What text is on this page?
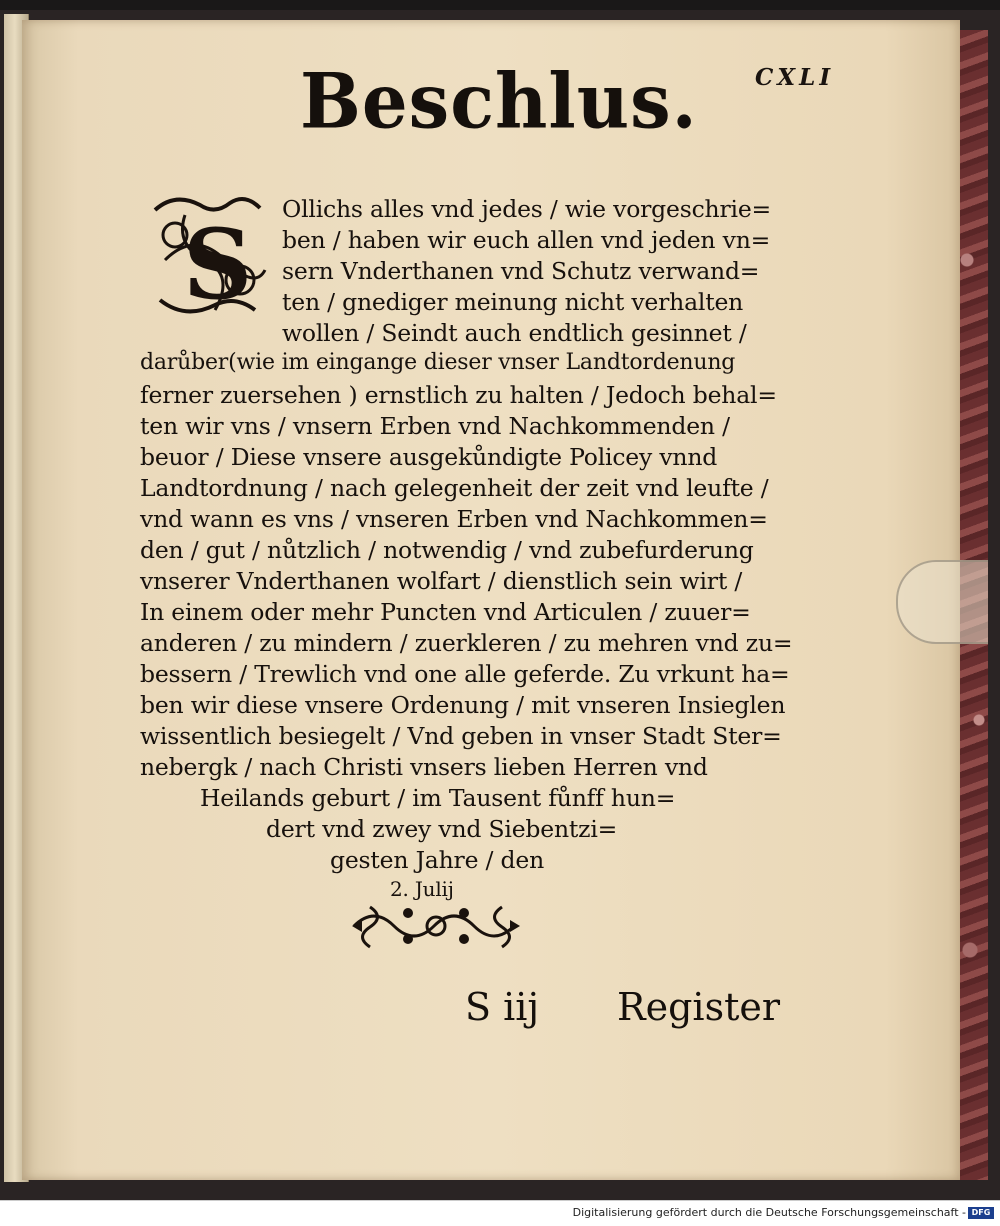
CXLI
Beschlus.
S Ollichs alles vnd jedes / wie vorgeschrie=
ben / haben wir euch allen vnd jeden vn=
sern Vnderthanen vnd Schutz verwand=
ten / gnediger meinung nicht verhalten
wollen / Seindt auch endtlich gesinnet /
darůber(wie im eingange dieser vnser Landtordenung
ferner zuersehen ) ernstlich zu halten / Jedoch behal=
ten wir vns / vnsern Erben vnd Nachkommenden /
beuor / Diese vnsere ausgekůndigte Policey vnnd
Landtordnung / nach gelegenheit der zeit vnd leufte /
vnd wann es vns / vnseren Erben vnd Nachkommen=
den / gut / nůtzlich / notwendig / vnd zubefurderung
vnserer Vnderthanen wolfart / dienstlich sein wirt /
In einem oder mehr Puncten vnd Articulen / zuuer=
anderen / zu mindern / zuerkleren / zu mehren vnd zu=
bessern / Trewlich vnd one alle geferde. Zu vrkunt ha=
ben wir diese vnsere Ordenung / mit vnseren Insieglen
wissentlich besiegelt / Vnd geben in vnser Stadt Ster=
nebergk / nach Christi vnsers lieben Herren vnd
Heilands geburt / im Tausent fůnff hun=
dert vnd zwey vnd Siebentzi=
gesten Jahre / den
2. Julij
S iij Register
Digitalisierung gefördert durch die Deutsche Forschungsgemeinschaft - DFG
